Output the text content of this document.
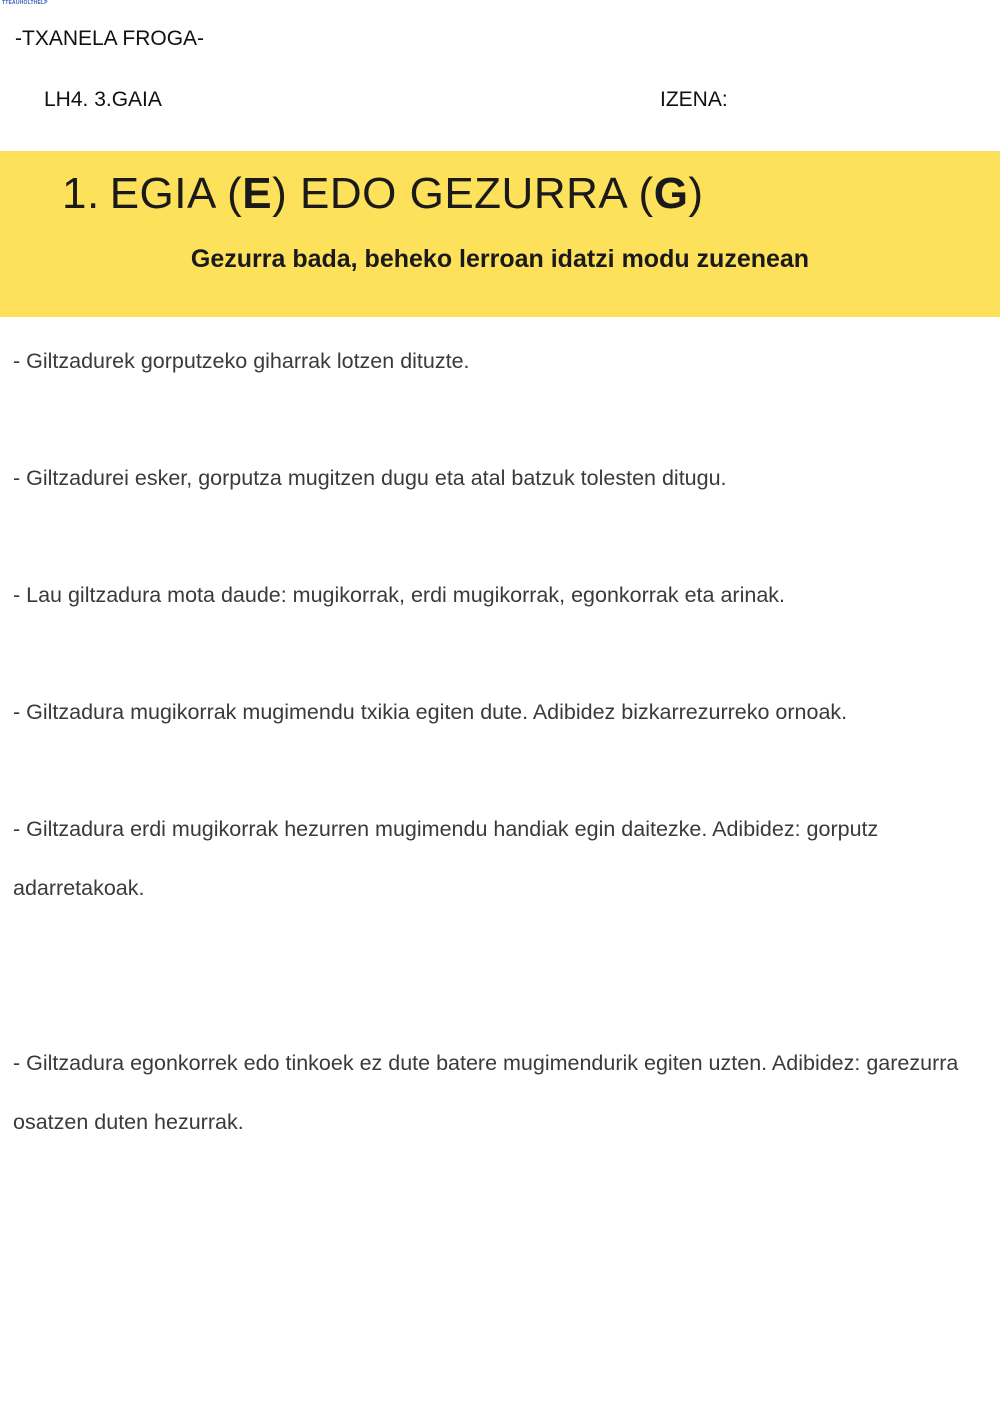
TTEAUHOLTHELP
-TXANELA FROGA-
LH4. 3.GAIA	IZENA:
1. EGIA (E) EDO GEZURRA (G)
Gezurra bada, beheko lerroan idatzi modu zuzenean
- Giltzadurek gorputzeko giharrak lotzen dituzte.
- Giltzadurei esker, gorputza mugitzen dugu eta atal batzuk tolesten ditugu.
- Lau giltzadura mota daude: mugikorrak, erdi mugikorrak, egonkorrak eta arinak.
- Giltzadura mugikorrak mugimendu txikia egiten dute. Adibidez bizkarrezurreko ornoak.
- Giltzadura erdi mugikorrak hezurren mugimendu handiak egin daitezke. Adibidez: gorputz adarretakoak.
- Giltzadura egonkorrek edo tinkoek ez dute batere mugimendurik egiten uzten. Adibidez: garezurra osatzen duten hezurrak.
